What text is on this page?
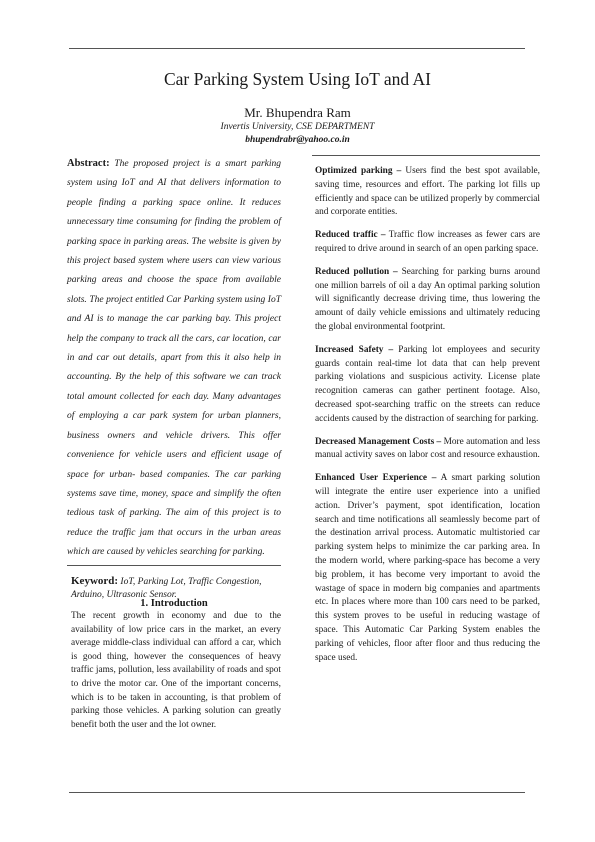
Car Parking System Using IoT and AI
Mr. Bhupendra Ram
Invertis University, CSE DEPARTMENT
bhupendrabr@yahoo.co.in

Abstract: The proposed project is a smart parking system using IoT and AI that delivers information to people finding a parking space online. It reduces unnecessary time consuming for finding the problem of parking space in parking areas. The website is given by this project based system where users can view various parking areas and choose the space from available slots. The project entitled Car Parking system using IoT and AI is to manage the car parking bay. This project help the company to track all the cars, car location, car in and car out details, apart from this it also help in accounting. By the help of this software we can track total amount collected for each day. Many advantages of employing a car park system for urban planners, business owners and vehicle drivers. This offer convenience for vehicle users and efficient usage of space for urban- based companies. The car parking systems save time, money, space and simplify the often tedious task of parking. The aim of this project is to reduce the traffic jam that occurs in the urban areas which are caused by vehicles searching for parking.

Keyword: IoT, Parking Lot, Traffic Congestion, Arduino, Ultrasonic Sensor.
1. Introduction

The recent growth in economy and due to the availability of low price cars in the market, an every average middle-class individual can afford a car, which is good thing, however the consequences of heavy traffic jams, pollution, less availability of roads and spot to drive the motor car. One of the important concerns, which is to be taken in accounting, is that problem of parking those vehicles. A parking solution can greatly benefit both the user and the lot owner.

Optimized parking – Users find the best spot available, saving time, resources and effort. The parking lot fills up efficiently and space can be utilized properly by commercial and corporate entities.

Reduced traffic – Traffic flow increases as fewer cars are required to drive around in search of an open parking space.

Reduced pollution – Searching for parking burns around one million barrels of oil a day An optimal parking solution will significantly decrease driving time, thus lowering the amount of daily vehicle emissions and ultimately reducing the global environmental footprint.

Increased Safety – Parking lot employees and security guards contain real-time lot data that can help prevent parking violations and suspicious activity. License plate recognition cameras can gather pertinent footage. Also, decreased spot-searching traffic on the streets can reduce accidents caused by the distraction of searching for parking.

Decreased Management Costs – More automation and less manual activity saves on labor cost and resource exhaustion.

Enhanced User Experience – A smart parking solution will integrate the entire user experience into a unified action. Driver’s payment, spot identification, location search and time notifications all seamlessly become part of the destination arrival process. Automatic multistoried car parking system helps to minimize the car parking area. In the modern world, where parking-space has become a very big problem, it has become very important to avoid the wastage of space in modern big companies and apartments etc. In places where more than 100 cars need to be parked, this system proves to be useful in reducing wastage of space. This Automatic Car Parking System enables the parking of vehicles, floor after floor and thus reducing the space used.
